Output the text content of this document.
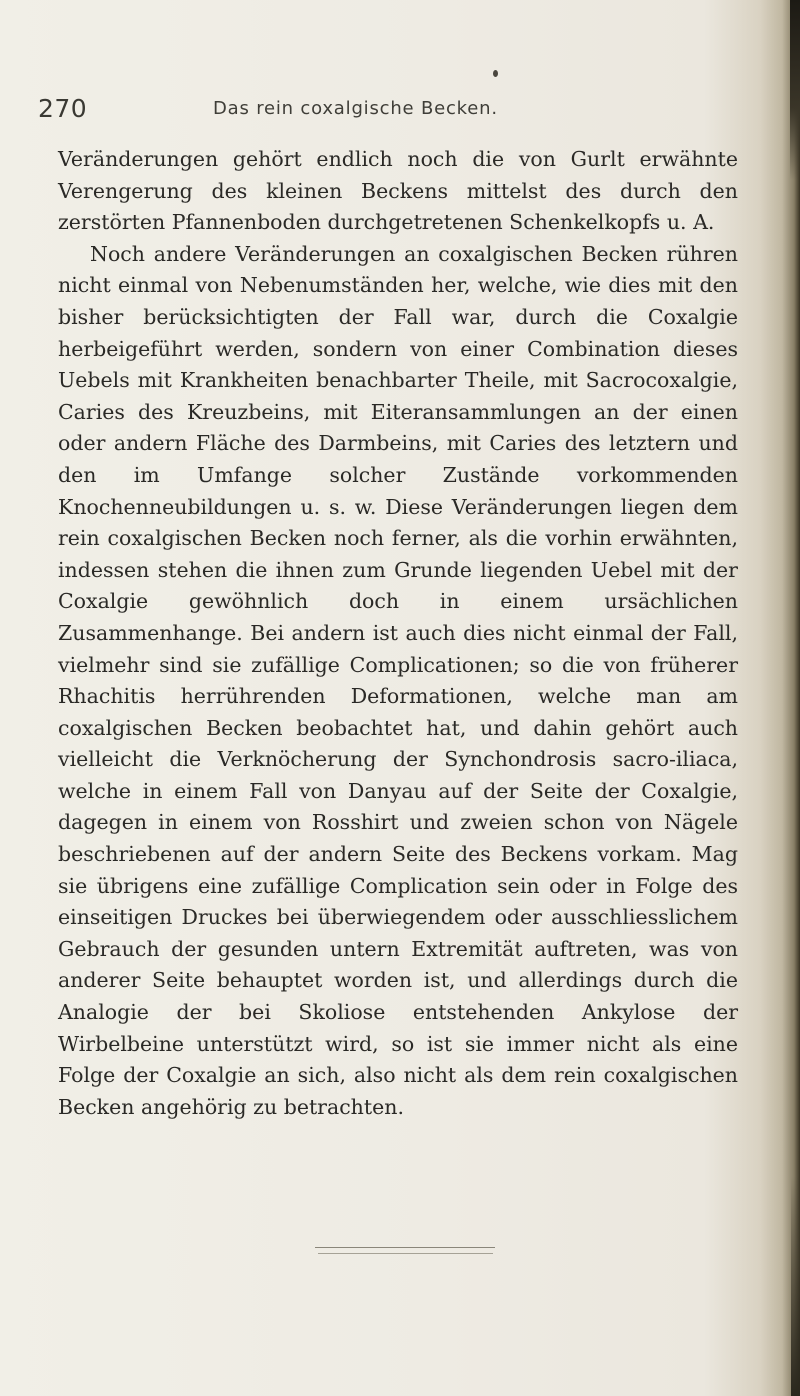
270	Das rein coxalgische Becken.

Veränderungen gehört endlich noch die von Gurlt erwähnte Verengerung des kleinen Beckens mittelst des durch den zerstörten Pfannenboden durchgetretenen Schenkelkopfs u. A.

Noch andere Veränderungen an coxalgischen Becken rühren nicht einmal von Nebenumständen her, welche, wie dies mit den bisher berücksichtigten der Fall war, durch die Coxalgie herbeigeführt werden, sondern von einer Combination dieses Uebels mit Krankheiten benachbarter Theile, mit Sacrocoxalgie, Caries des Kreuzbeins, mit Eiteransammlungen an der einen oder andern Fläche des Darmbeins, mit Caries des letztern und den im Umfange solcher Zustände vorkommenden Knochenneubildungen u. s. w. Diese Veränderungen liegen dem rein coxalgischen Becken noch ferner, als die vorhin erwähnten, indessen stehen die ihnen zum Grunde liegenden Uebel mit der Coxalgie gewöhnlich doch in einem ursächlichen Zusammenhange. Bei andern ist auch dies nicht einmal der Fall, vielmehr sind sie zufällige Complicationen; so die von früherer Rhachitis herrührenden Deformationen, welche man am coxalgischen Becken beobachtet hat, und dahin gehört auch vielleicht die Verknöcherung der Synchondrosis sacro-iliaca, welche in einem Fall von Danyau auf der Seite der Coxalgie, dagegen in einem von Rosshirt und zweien schon von Nägele beschriebenen auf der andern Seite des Beckens vorkam. Mag sie übrigens eine zufällige Complication sein oder in Folge des einseitigen Druckes bei überwiegendem oder ausschliesslichem Gebrauch der gesunden untern Extremität auftreten, was von anderer Seite behauptet worden ist, und allerdings durch die Analogie der bei Skoliose entstehenden Ankylose der Wirbelbeine unterstützt wird, so ist sie immer nicht als eine Folge der Coxalgie an sich, also nicht als dem rein coxalgischen Becken angehörig zu betrachten.
